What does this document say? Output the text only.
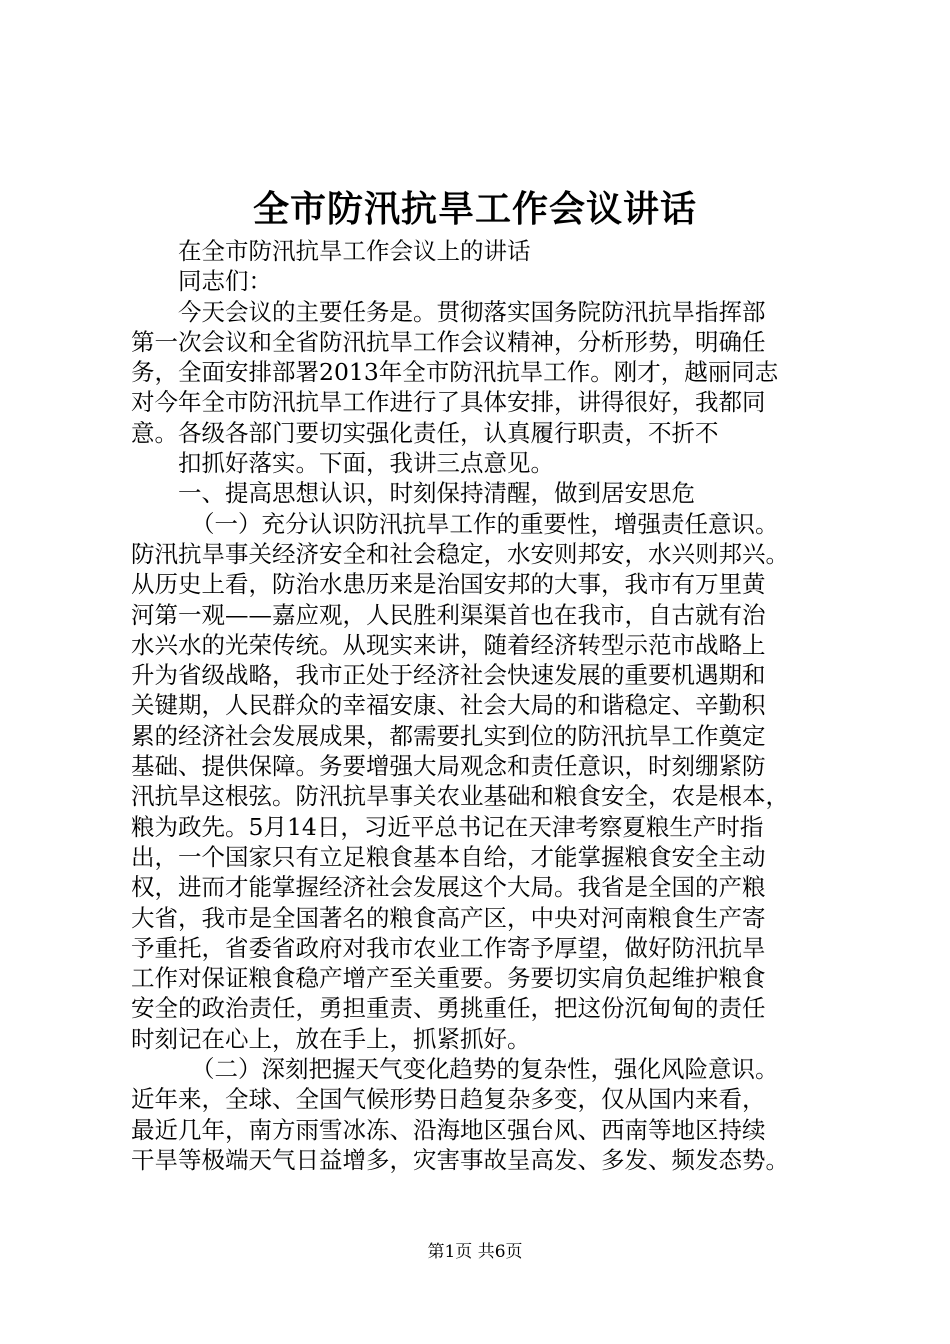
全市防汛抗旱工作会议讲话
在全市防汛抗旱工作会议上的讲话
同志们：
今天会议的主要任务是。贯彻落实国务院防汛抗旱指挥部
第一次会议和全省防汛抗旱工作会议精神，分析形势，明确任
务，全面安排部署2013年全市防汛抗旱工作。刚才，越丽同志
对今年全市防汛抗旱工作进行了具体安排，讲得很好，我都同
意。各级各部门要切实强化责任，认真履行职责，不折不
扣抓好落实。下面，我讲三点意见。
一、提高思想认识，时刻保持清醒，做到居安思危
（一）充分认识防汛抗旱工作的重要性，增强责任意识。
防汛抗旱事关经济安全和社会稳定，水安则邦安，水兴则邦兴。
从历史上看，防治水患历来是治国安邦的大事，我市有万里黄
河第一观——嘉应观，人民胜利渠渠首也在我市，自古就有治
水兴水的光荣传统。从现实来讲，随着经济转型示范市战略上
升为省级战略，我市正处于经济社会快速发展的重要机遇期和
关键期，人民群众的幸福安康、社会大局的和谐稳定、辛勤积
累的经济社会发展成果，都需要扎实到位的防汛抗旱工作奠定
基础、提供保障。务要增强大局观念和责任意识，时刻绷紧防
汛抗旱这根弦。防汛抗旱事关农业基础和粮食安全，农是根本，
粮为政先。5月14日，习近平总书记在天津考察夏粮生产时指
出，一个国家只有立足粮食基本自给，才能掌握粮食安全主动
权，进而才能掌握经济社会发展这个大局。我省是全国的产粮
大省，我市是全国著名的粮食高产区，中央对河南粮食生产寄
予重托，省委省政府对我市农业工作寄予厚望，做好防汛抗旱
工作对保证粮食稳产增产至关重要。务要切实肩负起维护粮食
安全的政治责任，勇担重责、勇挑重任，把这份沉甸甸的责任
时刻记在心上，放在手上，抓紧抓好。
（二）深刻把握天气变化趋势的复杂性，强化风险意识。
近年来，全球、全国气候形势日趋复杂多变，仅从国内来看，
最近几年，南方雨雪冰冻、沿海地区强台风、西南等地区持续
干旱等极端天气日益增多，灾害事故呈高发、多发、频发态势。
第1页 共6页
